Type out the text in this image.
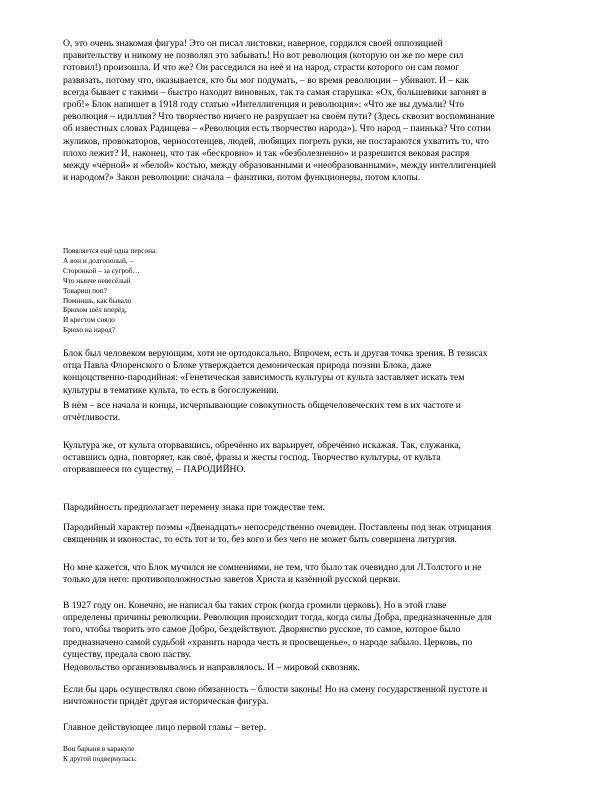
О, это очень знакомая фигура! Это он писал листовки, наверное, гордился своей оппозицией
правительству и никому не позволял это забывать! Но вот революция (которую он же по мере сил
готовил!) произошла. И что же? Он расседился на неё и на народ, страсти которого он сам помог
развязать, потому что, оказывается, кто бы мог подумать, – во время революции – убивают. И – как
всегда бывает с такими – быстро находит виновных, так та самая старушка: «Ох, большевики загонят в
гроб!» Блок напишет в 1918 году статью «Интеллигенция и революция»: «Что же вы думали? Что
революция – идиллия? Что творчество ничего не разрушает на своём пути? (Здесь сквозит воспоминание
об известных словах Радищева – «Революция есть творчество народа»). Что народ – паинька? Что сотни
жуликов, провокаторов, черносотенцев, людей, любящих погреть руки, не постараются ухватить то, что
плохо лежит? И, наконец, что так «бескровно» и так «безболезненно» и разрешится вековая распря
между «чёрной» и «белой» костью, между образованными и «необразованными», между интеллигенцией
и народом?» Закон революции: сначала – фанатики, потом функционеры, потом клопы.
Появляется ещё одна персона.
А вон и долгополый, –
Сторонкой – за сугроб…
Что нынче невесёлый
Товарищ поп?
Помнишь, как бывало
Брюхом шёл вперёд,
И крестом сияло
Брюхо на народ?
Блок был человеком верующим, хотя не ортодоксально. Впрочем, есть и другая точка зрения. В тезисах
отца Павла Флоренского о Блоке утверждается демоническая природа поэзии Блока, даже
концоцственно-пародийная: «Генетическая зависимость культуры от культа заставляет искать тем
культуры в тематике культа, то есть в богослужении.
В нём – все начала и концы, исчерпывающие совокупность общечеловеческих тем в их частоте и
отчётливости.
Культура же, от культа оторвавшись, обречённо их варьирует, обречённо искажая. Так, служанка,
оставшись одна, повторяет, как своё, фразы и жесты господ. Творчество культуры, от культа
оторвавшееся по существу, – ПАРОДИЙНО.
Пародийность предполагает перемену знака при тождестве тем.
Пародийный характер поэмы «Двенадцать» непосредственно очевиден. Поставлены под знак отрицания
священник и иконостас, то есть тот и то, без кого и без чего не может быть совершена литургия.
Но мне кажется, что Блок мучился не сомнениями, не тем, что было так очевидно для Л.Толстого и не
только для него: противоположностью заветов Христа и казённой русской церкви.
В 1927 году он. Конечно, не написал бы таких строк (когда громили церковь). Но в этой главе
определены причины революции. Революция происходит тогда, когда силы Добра, предназначенные для
того, чтобы творить это самое Добро, бездействуют. Дворянство русское, то самое, которое было
предназначено самой судьбой «хранить народа честь и просвещенье», о народе забыло. Церковь, по
существу, предала свою паству.
Недовольство организовывалось и направлялось. И – мировой сквозняк.
Если бы царь осуществлял свою обязанность – блюсти законы! Но на смену государственной пустоте и
ничтожности придёт другая историческая фигура.
Главное действующее лицо первой главы – ветер.
Вон барыня в каракуле
К другой подвернулась:
